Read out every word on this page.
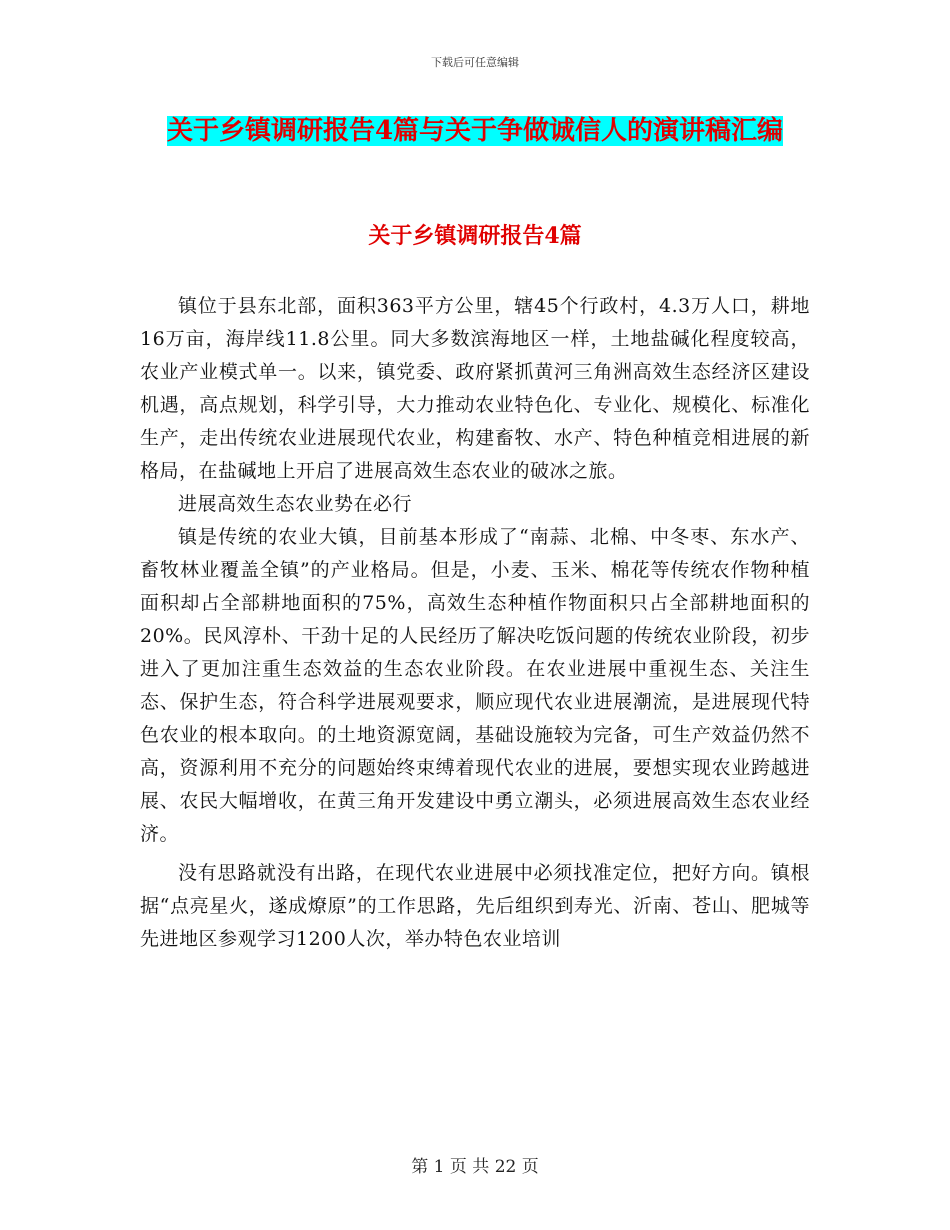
下载后可任意编辑
关于乡镇调研报告4篇与关于争做诚信人的演讲稿汇编
关于乡镇调研报告4篇

镇位于县东北部，面积363平方公里，辖45个行政村，4.3万人口，耕地16万亩，海岸线11.8公里。同大多数滨海地区一样，土地盐碱化程度较高，农业产业模式单一。以来，镇党委、政府紧抓黄河三角洲高效生态经济区建设机遇，高点规划，科学引导，大力推动农业特色化、专业化、规模化、标准化生产，走出传统农业进展现代农业，构建畜牧、水产、特色种植竞相进展的新格局，在盐碱地上开启了进展高效生态农业的破冰之旅。

进展高效生态农业势在必行

镇是传统的农业大镇，目前基本形成了“南蒜、北棉、中冬枣、东水产、畜牧林业覆盖全镇”的产业格局。但是，小麦、玉米、棉花等传统农作物种植面积却占全部耕地面积的75%，高效生态种植作物面积只占全部耕地面积的20%。民风淳朴、干劲十足的人民经历了解决吃饭问题的传统农业阶段，初步进入了更加注重生态效益的生态农业阶段。在农业进展中重视生态、关注生态、保护生态，符合科学进展观要求，顺应现代农业进展潮流，是进展现代特色农业的根本取向。的土地资源宽阔，基础设施较为完备，可生产效益仍然不高，资源利用不充分的问题始终束缚着现代农业的进展，要想实现农业跨越进展、农民大幅增收，在黄三角开发建设中勇立潮头，必须进展高效生态农业经济。

没有思路就没有出路，在现代农业进展中必须找准定位，把好方向。镇根据“点亮星火，遂成燎原”的工作思路，先后组织到寿光、沂南、苍山、肥城等先进地区参观学习1200人次，举办特色农业培训

第 1 页 共 22 页
